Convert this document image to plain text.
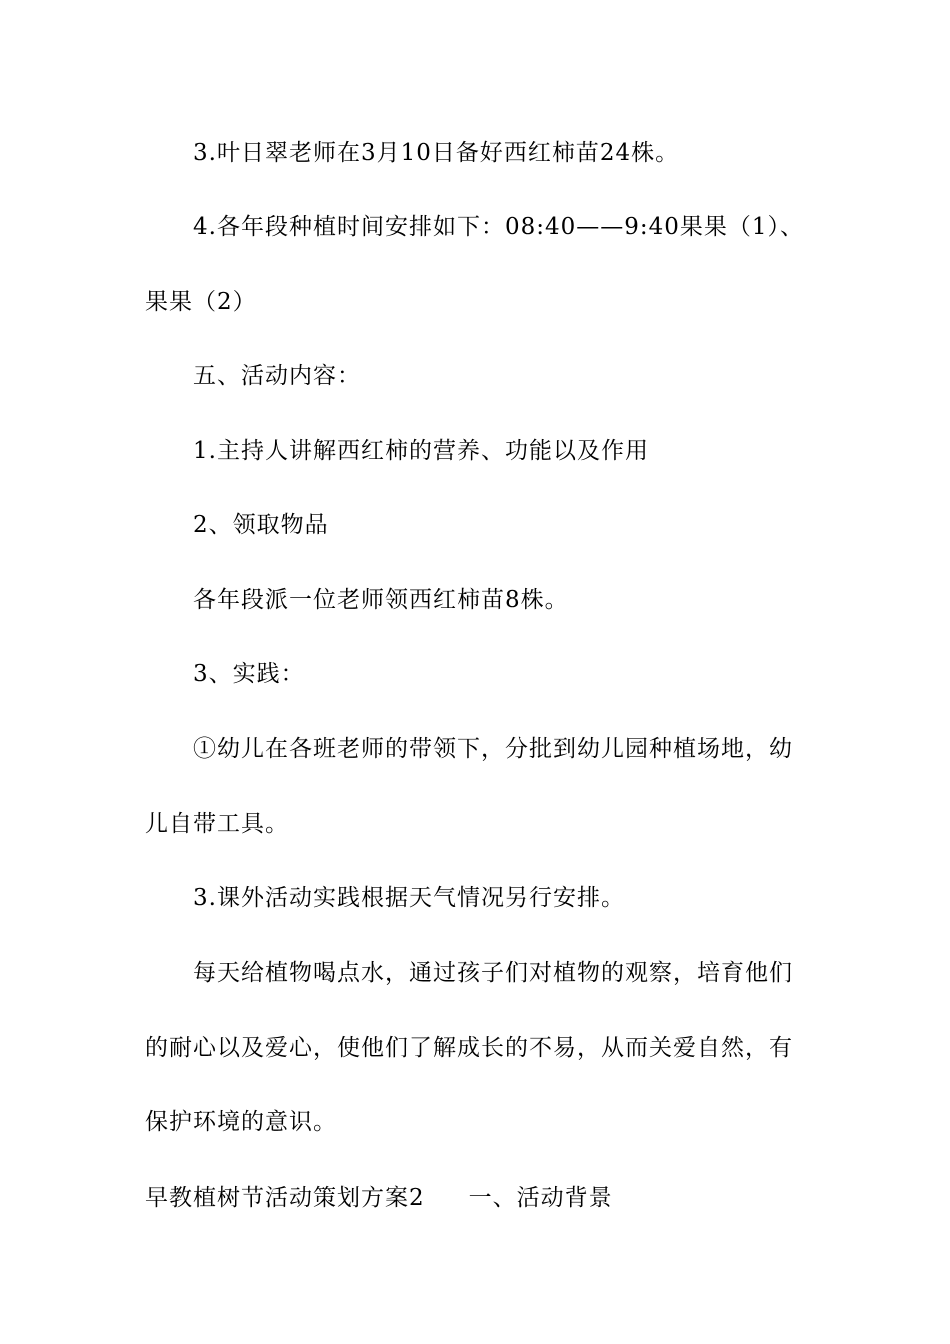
3.叶日翠老师在3月10日备好西红柿苗24株。
4.各年段种植时间安排如下：08:40——9:40果果（1）、
果果（2）
五、活动内容：
1.主持人讲解西红柿的营养、功能以及作用
2、领取物品
各年段派一位老师领西红柿苗8株。
3、实践：
①幼儿在各班老师的带领下，分批到幼儿园种植场地，幼
儿自带工具。
3.课外活动实践根据天气情况另行安排。
每天给植物喝点水，通过孩子们对植物的观察，培育他们
的耐心以及爱心，使他们了解成长的不易，从而关爱自然，有
保护环境的意识。
早教植树节活动策划方案2 一、活动背景
